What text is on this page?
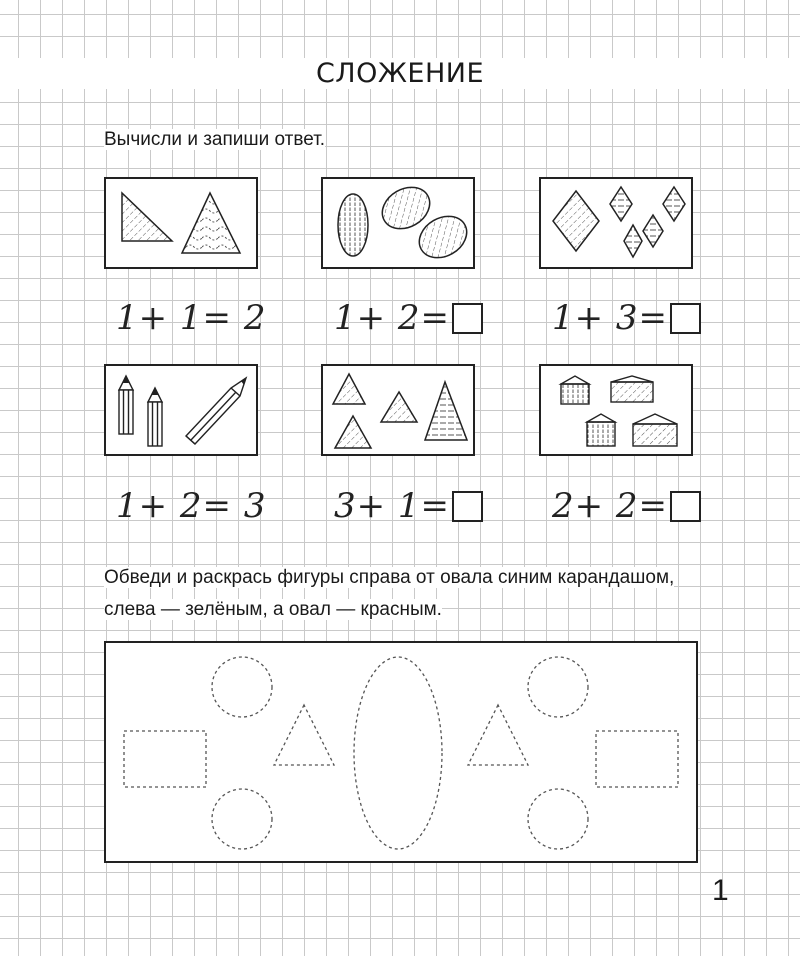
СЛОЖЕНИЕ
Вычисли и запиши ответ.
1+ 1= 2 1+ 2=	1+ 3=
1+ 2= 3 3+ 1=	2+ 2=
Обведи и раскрась фигуры справа от овала синим карандашом,
слева — зелёным, а овал — красным.
1
